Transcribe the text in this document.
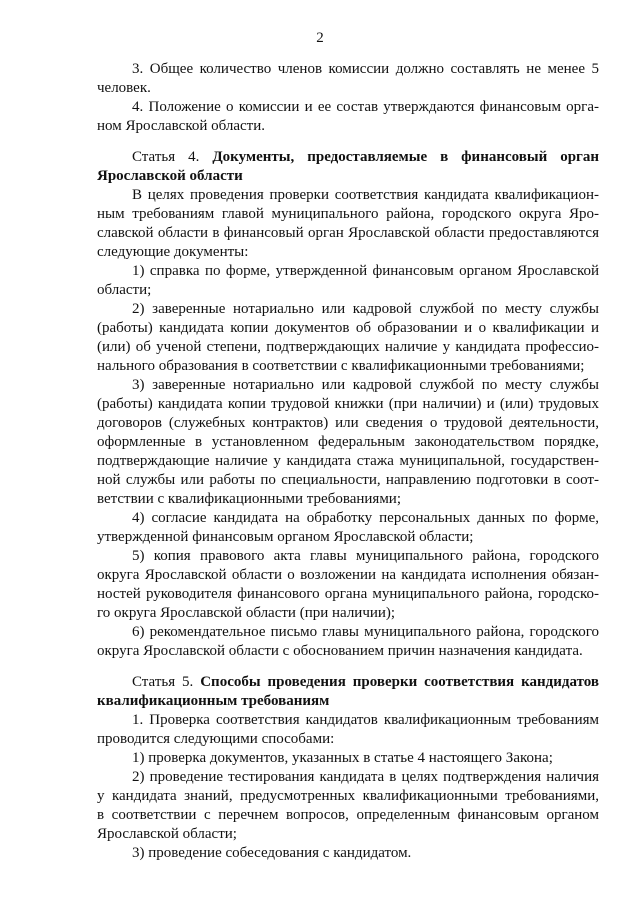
2
3. Общее количество членов комиссии должно составлять не менее 5
человек.
4. Положение о комиссии и ее состав утверждаются финансовым орга-
ном Ярославской области.
Статья 4. Документы, предоставляемые в финансовый орган
Ярославской области
В целях проведения проверки соответствия кандидата квалификацион-
ным требованиям главой муниципального района, городского округа Яро-
славской области в финансовый орган Ярославской области предоставляются
следующие документы:
1) справка по форме, утвержденной финансовым органом Ярославской
области;
2) заверенные нотариально или кадровой службой по месту службы
(работы) кандидата копии документов об образовании и о квалификации и
(или) об ученой степени, подтверждающих наличие у кандидата профессио-
нального образования в соответствии с квалификационными требованиями;
3) заверенные нотариально или кадровой службой по месту службы
(работы) кандидата копии трудовой книжки (при наличии) и (или) трудовых
договоров (служебных контрактов) или сведения о трудовой деятельности,
оформленные в установленном федеральным законодательством порядке,
подтверждающие наличие у кандидата стажа муниципальной, государствен-
ной службы или работы по специальности, направлению подготовки в соот-
ветствии с квалификационными требованиями;
4) согласие кандидата на обработку персональных данных по форме,
утвержденной финансовым органом Ярославской области;
5) копия правового акта главы муниципального района, городского
округа Ярославской области о возложении на кандидата исполнения обязан-
ностей руководителя финансового органа муниципального района, городско-
го округа Ярославской области (при наличии);
6) рекомендательное письмо главы муниципального района, городского
округа Ярославской области с обоснованием причин назначения кандидата.
Статья 5. Способы проведения проверки соответствия кандидатов
квалификационным требованиям
1. Проверка соответствия кандидатов квалификационным требованиям
проводится следующими способами:
1) проверка документов, указанных в статье 4 настоящего Закона;
2) проведение тестирования кандидата в целях подтверждения наличия
у кандидата знаний, предусмотренных квалификационными требованиями,
в соответствии с перечнем вопросов, определенным финансовым органом
Ярославской области;
3) проведение собеседования с кандидатом.
